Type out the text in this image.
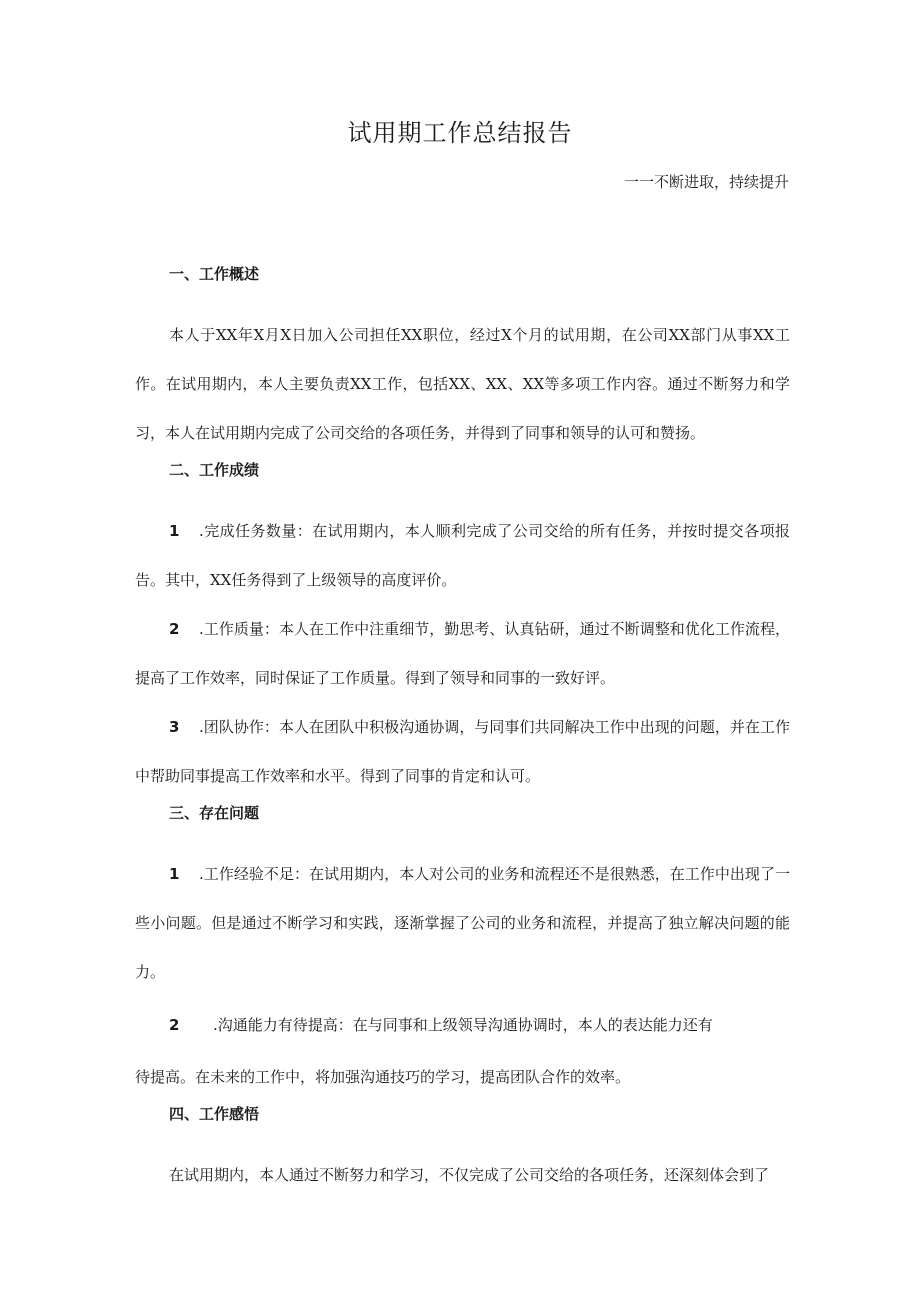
试用期工作总结报告

一一不断进取，持续提升

一、工作概述

本人于XX年X月X日加入公司担任XX职位，经过X个月的试用期，在公司XX部门从事XX工作。在试用期内，本人主要负责XX工作，包括XX、XX、XX等多项工作内容。通过不断努力和学习，本人在试用期内完成了公司交给的各项任务，并得到了同事和领导的认可和赞扬。

二、工作成绩

1 .完成任务数量：在试用期内，本人顺利完成了公司交给的所有任务，并按时提交各项报告。其中，XX任务得到了上级领导的高度评价。

2 .工作质量：本人在工作中注重细节，勤思考、认真钻研，通过不断调整和优化工作流程，提高了工作效率，同时保证了工作质量。得到了领导和同事的一致好评。

3 .团队协作：本人在团队中积极沟通协调，与同事们共同解决工作中出现的问题，并在工作中帮助同事提高工作效率和水平。得到了同事的肯定和认可。

三、存在问题

1 .工作经验不足：在试用期内，本人对公司的业务和流程还不是很熟悉，在工作中出现了一些小问题。但是通过不断学习和实践，逐渐掌握了公司的业务和流程，并提高了独立解决问题的能力。

2 .沟通能力有待提高：在与同事和上级领导沟通协调时，本人的表达能力还有

待提高。在未来的工作中，将加强沟通技巧的学习，提高团队合作的效率。

四、工作感悟

在试用期内，本人通过不断努力和学习，不仅完成了公司交给的各项任务，还深刻体会到了
